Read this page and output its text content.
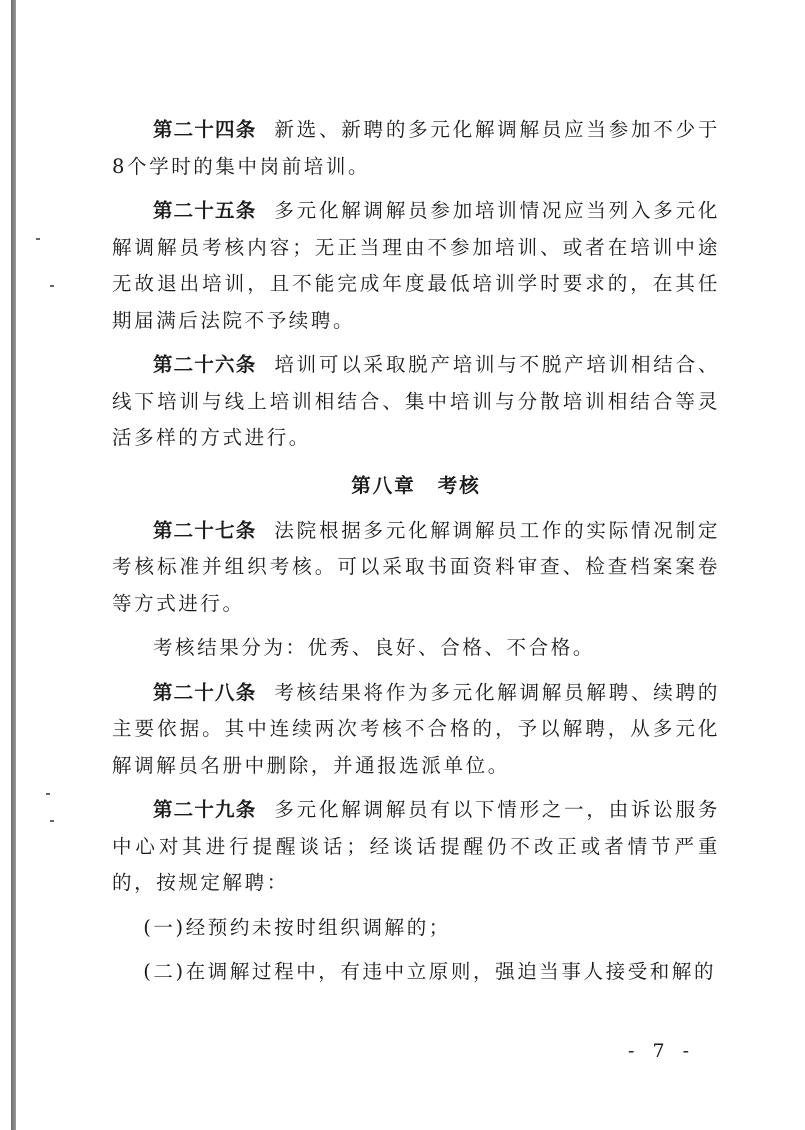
第二十四条 新选、新聘的多元化解调解员应当参加不少于8个学时的集中岗前培训。

第二十五条 多元化解调解员参加培训情况应当列入多元化解调解员考核内容；无正当理由不参加培训、或者在培训中途无故退出培训，且不能完成年度最低培训学时要求的，在其任期届满后法院不予续聘。

第二十六条 培训可以采取脱产培训与不脱产培训相结合、线下培训与线上培训相结合、集中培训与分散培训相结合等灵活多样的方式进行。

第八章 考核

第二十七条 法院根据多元化解调解员工作的实际情况制定考核标准并组织考核。可以采取书面资料审查、检查档案案卷等方式进行。

考核结果分为：优秀、良好、合格、不合格。

第二十八条 考核结果将作为多元化解调解员解聘、续聘的主要依据。其中连续两次考核不合格的，予以解聘，从多元化解调解员名册中删除，并通报选派单位。

第二十九条 多元化解调解员有以下情形之一，由诉讼服务中心对其进行提醒谈话；经谈话提醒仍不改正或者情节严重的，按规定解聘：

(一)经预约未按时组织调解的；

(二)在调解过程中，有违中立原则，强迫当事人接受和解的

- 7 -
